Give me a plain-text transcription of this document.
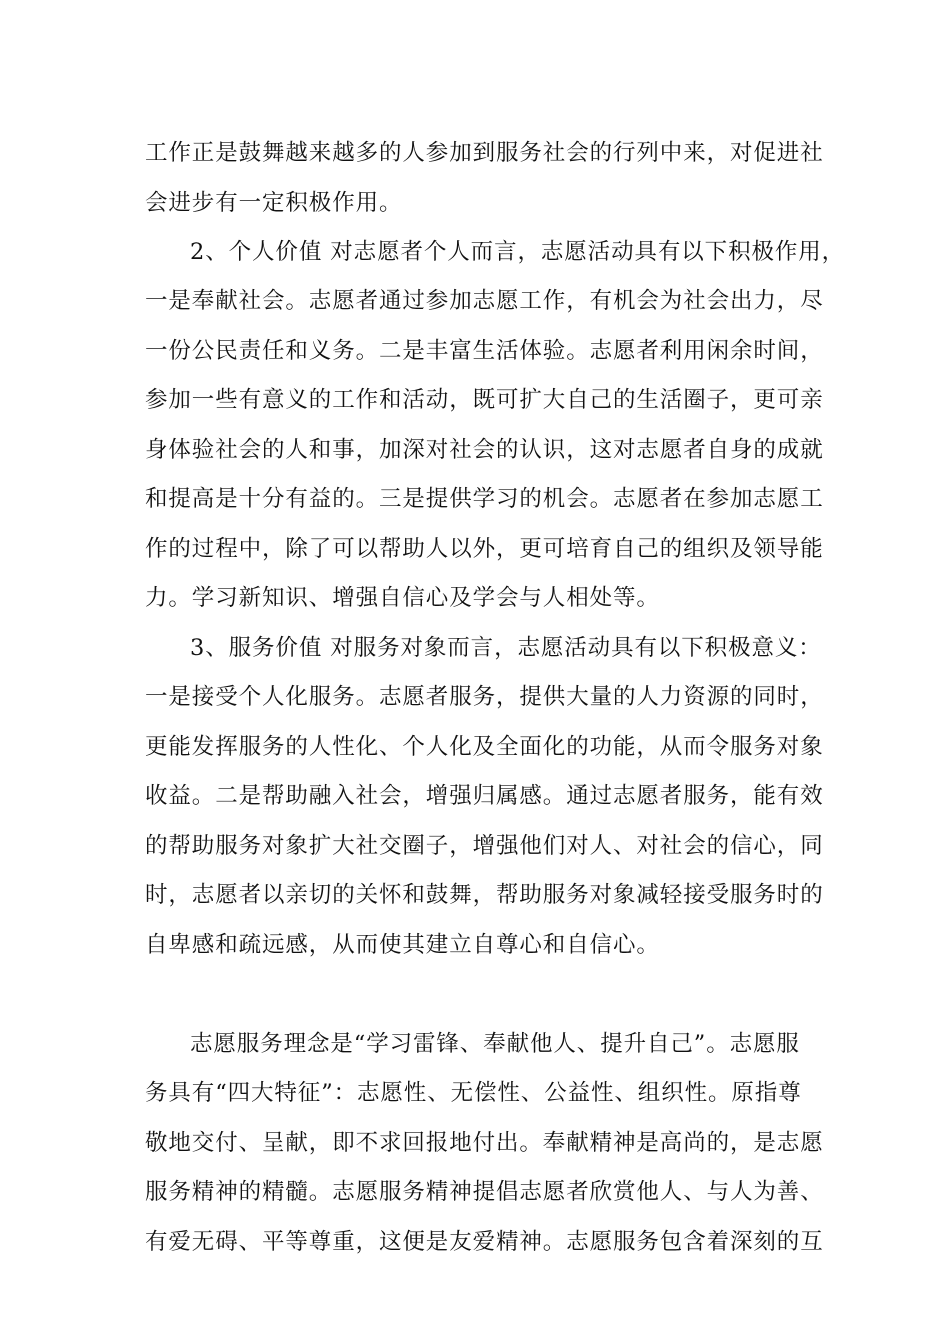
工作正是鼓舞越来越多的人参加到服务社会的行列中来，对促进社
会进步有一定积极作用。
2、个人价值 对志愿者个人而言，志愿活动具有以下积极作用，
一是奉献社会。志愿者通过参加志愿工作，有机会为社会出力，尽
一份公民责任和义务。二是丰富生活体验。志愿者利用闲余时间，
参加一些有意义的工作和活动，既可扩大自己的生活圈子，更可亲
身体验社会的人和事，加深对社会的认识，这对志愿者自身的成就
和提高是十分有益的。三是提供学习的机会。志愿者在参加志愿工
作的过程中，除了可以帮助人以外，更可培育自己的组织及领导能
力。学习新知识、增强自信心及学会与人相处等。
3、服务价值 对服务对象而言，志愿活动具有以下积极意义：
一是接受个人化服务。志愿者服务，提供大量的人力资源的同时，
更能发挥服务的人性化、个人化及全面化的功能，从而令服务对象
收益。二是帮助融入社会，增强归属感。通过志愿者服务，能有效
的帮助服务对象扩大社交圈子，增强他们对人、对社会的信心，同
时，志愿者以亲切的关怀和鼓舞，帮助服务对象减轻接受服务时的
自卑感和疏远感，从而使其建立自尊心和自信心。
志愿服务理念是“学习雷锋、奉献他人、提升自己”。志愿服
务具有“四大特征”：志愿性、无偿性、公益性、组织性。原指尊
敬地交付、呈献，即不求回报地付出。奉献精神是高尚的，是志愿
服务精神的精髓。志愿服务精神提倡志愿者欣赏他人、与人为善、
有爱无碍、平等尊重，这便是友爱精神。志愿服务包含着深刻的互
